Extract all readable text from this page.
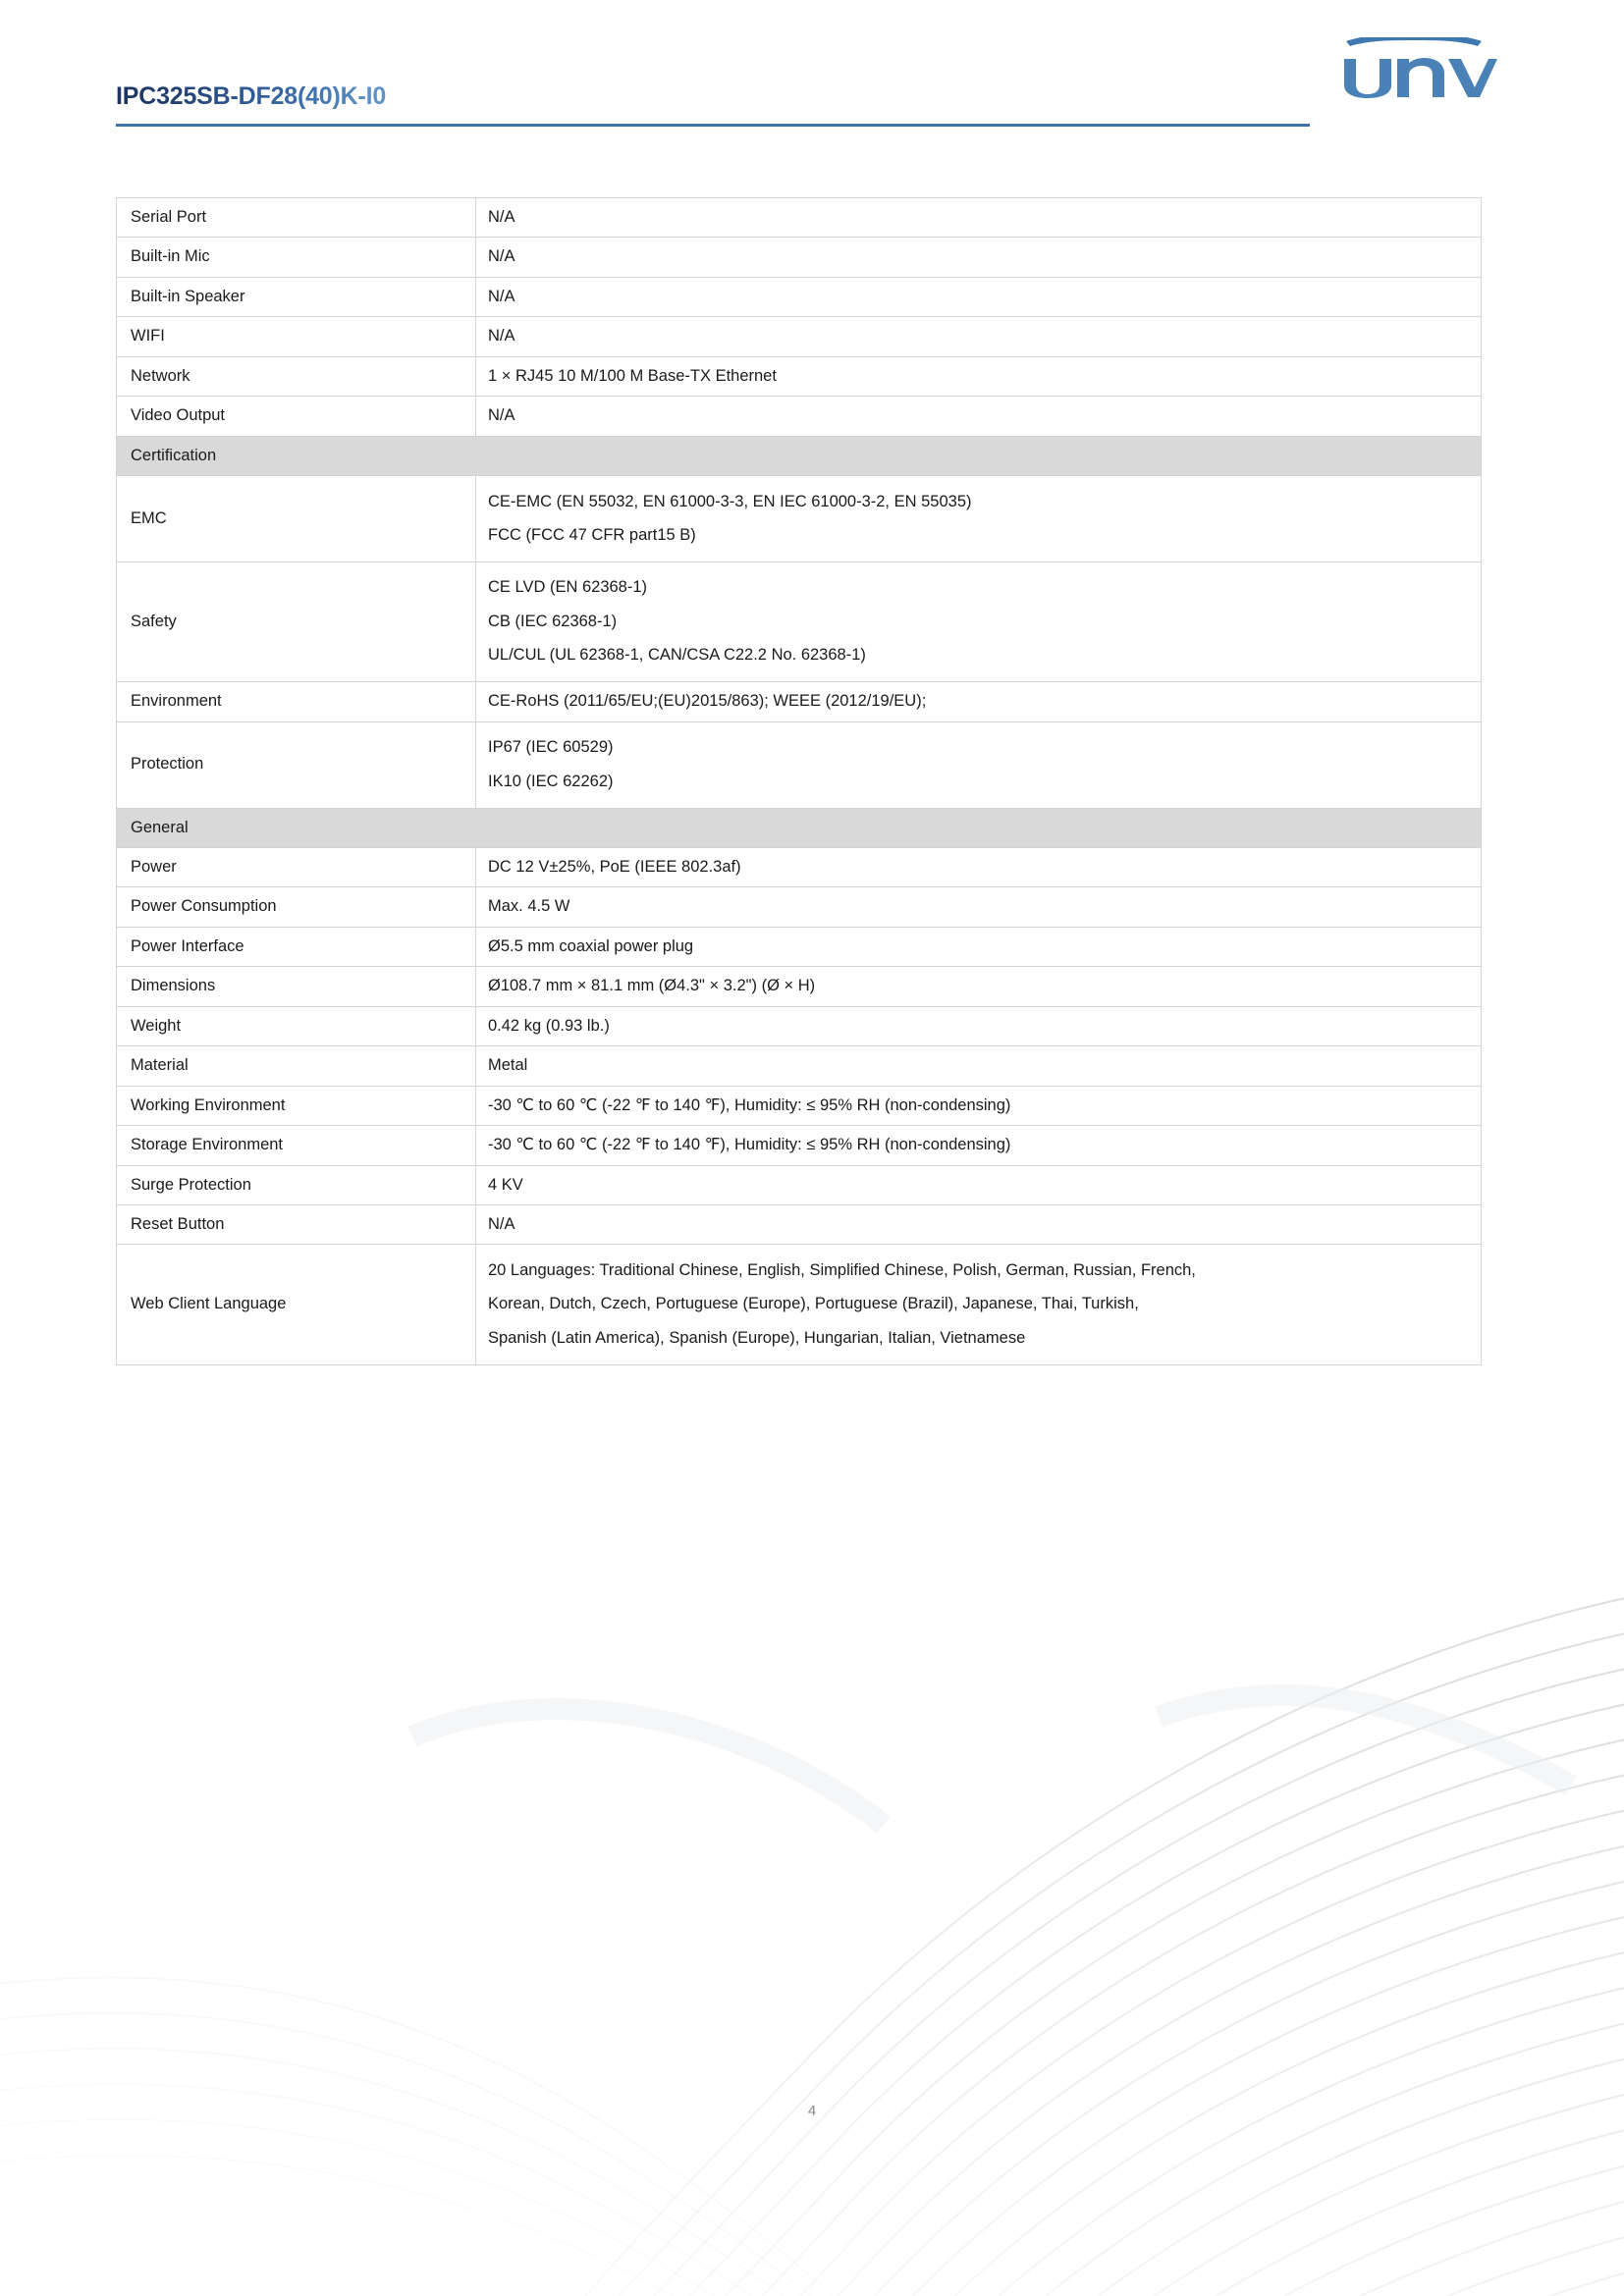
IPC325SB-DF28(40)K-I0
Serial Port	N/A
Built-in Mic	N/A
Built-in Speaker	N/A
WIFI	N/A
Network	1 × RJ45 10 M/100 M Base-TX Ethernet
Video Output	N/A
Certification	
EMC	CE-EMC (EN 55032, EN 61000-3-3, EN IEC 61000-3-2, EN 55035)
FCC (FCC 47 CFR part15 B)

Safety	CE LVD (EN 62368-1)
CB (IEC 62368-1)
UL/CUL (UL 62368-1, CAN/CSA C22.2 No. 62368-1)

Environment	CE-RoHS (2011/65/EU;(EU)2015/863); WEEE (2012/19/EU);
Protection	IP67 (IEC 60529)
IK10 (IEC 62262)

General	
Power	DC 12 V±25%, PoE (IEEE 802.3af)
Power Consumption	Max. 4.5 W
Power Interface	Ø5.5 mm coaxial power plug
Dimensions	Ø108.7 mm × 81.1 mm (Ø4.3" × 3.2") (Ø × H)
Weight	0.42 kg (0.93 lb.)
Material	Metal
Working Environment	-30 ℃ to 60 ℃ (-22 ℉ to 140 ℉), Humidity: ≤ 95% RH (non-condensing)
Storage Environment	-30 ℃ to 60 ℃ (-22 ℉ to 140 ℉), Humidity: ≤ 95% RH (non-condensing)
Surge Protection	4 KV
Reset Button	N/A
Web Client Language	20 Languages: Traditional Chinese, English, Simplified Chinese, Polish, German, Russian, French,
Korean, Dutch, Czech, Portuguese (Europe), Portuguese (Brazil), Japanese, Thai, Turkish,
Spanish (Latin America), Spanish (Europe), Hungarian, Italian, Vietnamese
4
